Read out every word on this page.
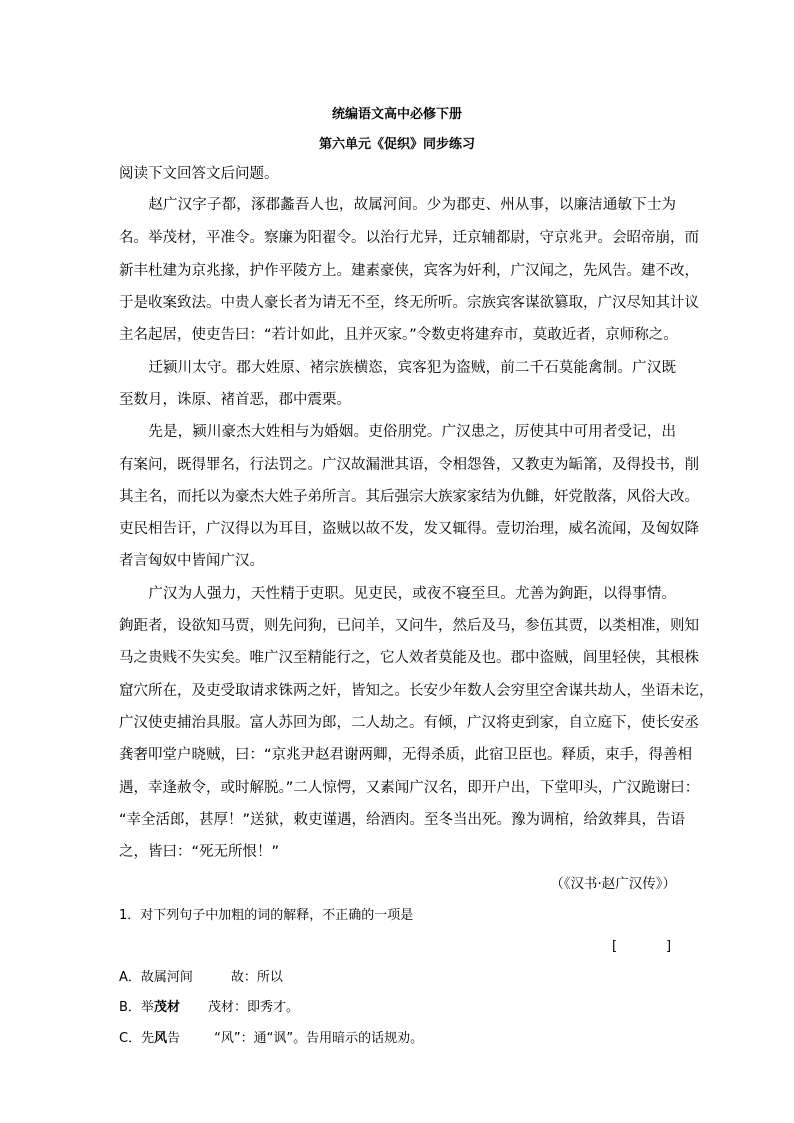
统编语文高中必修下册
第六单元《促织》同步练习
阅读下文回答文后问题。
　　赵广汉字子都，涿郡蠡吾人也，故属河间。少为郡吏、州从事，以廉洁通敏下士为
名。举茂材，平准令。察廉为阳翟令。以治行尤异，迁京辅都尉，守京兆尹。会昭帝崩，而
新丰杜建为京兆掾，护作平陵方上。建素豪侠，宾客为奸利，广汉闻之，先风告。建不改，
于是收案致法。中贵人豪长者为请无不至，终无所听。宗族宾客谋欲篡取，广汉尽知其计议
主名起居，使吏告曰：“若计如此，且并灭家。”令数吏将建弃市，莫敢近者，京师称之。
　　迁颍川太守。郡大姓原、褚宗族横恣，宾客犯为盗贼，前二千石莫能禽制。广汉既
至数月，诛原、褚首恶，郡中震栗。
　　先是，颍川豪杰大姓相与为婚姻。吏俗朋党。广汉患之，厉使其中可用者受记，出
有案问，既得罪名，行法罚之。广汉故漏泄其语，令相怨咎，又教吏为缿筩，及得投书，削
其主名，而托以为豪杰大姓子弟所言。其后强宗大族家家结为仇雠，奸党散落，风俗大改。
吏民相告讦，广汉得以为耳目，盗贼以故不发，发又辄得。壹切治理，威名流闻，及匈奴降
者言匈奴中皆闻广汉。
　　广汉为人强力，天性精于吏职。见吏民，或夜不寝至旦。尤善为鉤距，以得事情。
鉤距者，设欲知马贾，则先问狗，已问羊，又问牛，然后及马，参伍其贾，以类相准，则知
马之贵贱不失实矣。唯广汉至精能行之，它人效者莫能及也。郡中盗贼，闾里轻侠，其根株
窟穴所在，及吏受取请求铢两之奸，皆知之。长安少年数人会穷里空舍谋共劫人，坐语未讫，
广汉使吏捕治具服。富人苏回为郎，二人劫之。有倾，广汉将吏到家，自立庭下，使长安丞
龚奢叩堂户晓贼，曰：“京兆尹赵君谢两卿，无得杀质，此宿卫臣也。释质，束手，得善相
遇，幸逢赦令，或时解脱。”二人惊愕，又素闻广汉名，即开户出，下堂叩头，广汉跪谢曰：
“幸全活郎，甚厚！”送狱，敕吏谨遇，给酒肉。至冬当出死。豫为调棺，给敛葬具，告语
之，皆曰：“死无所恨！”
（《汉书·赵广汉传》）
1．对下列句子中加粗的词的解释，不正确的一项是
[	]
A．故属河间	故：所以
B．举茂材 茂材：即秀才。
C．先风告	“风”：通“讽”。告用暗示的话规劝。
